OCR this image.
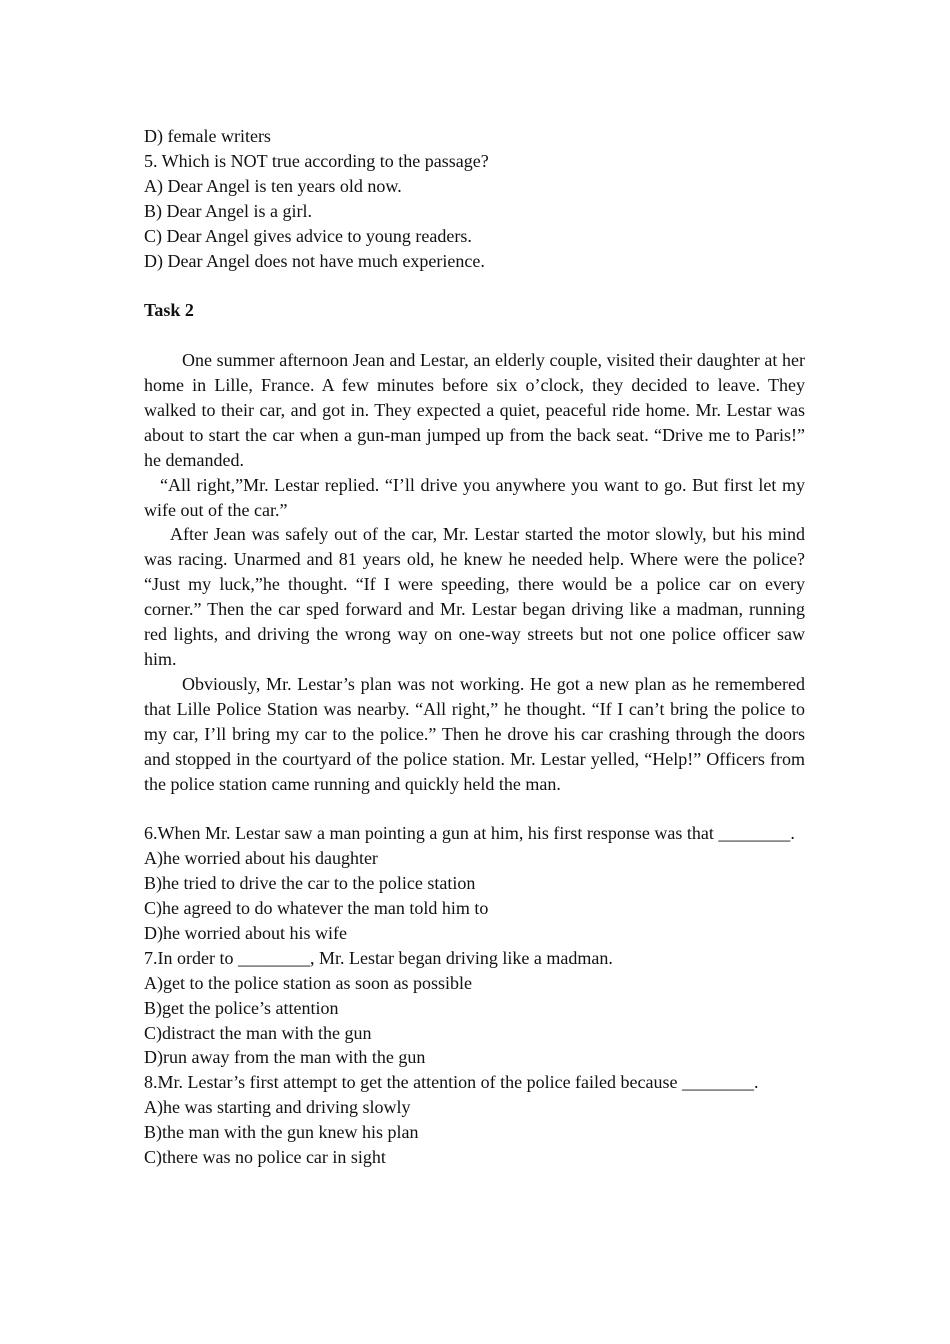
D) female writers
5. Which is NOT true according to the passage?
A) Dear Angel is ten years old now.
B) Dear Angel is a girl.
C) Dear Angel gives advice to young readers.
D) Dear Angel does not have much experience.
Task 2
One summer afternoon Jean and Lestar, an elderly couple, visited their daughter at her home in Lille, France. A few minutes before six o’clock, they decided to leave. They walked to their car, and got in. They expected a quiet, peaceful ride home. Mr. Lestar was about to start the car when a gun-man jumped up from the back seat. “Drive me to Paris!” he demanded.
“All right,”Mr. Lestar replied. “I’ll drive you anywhere you want to go. But first let my wife out of the car.”
After Jean was safely out of the car, Mr. Lestar started the motor slowly, but his mind was racing. Unarmed and 81 years old, he knew he needed help. Where were the police? “Just my luck,”he thought. “If I were speeding, there would be a police car on every corner.” Then the car sped forward and Mr. Lestar began driving like a madman, running red lights, and driving the wrong way on one-way streets but not one police officer saw him.
Obviously, Mr. Lestar’s plan was not working. He got a new plan as he remembered that Lille Police Station was nearby. “All right,” he thought. “If I can’t bring the police to my car, I’ll bring my car to the police.” Then he drove his car crashing through the doors and stopped in the courtyard of the police station. Mr. Lestar yelled, “Help!” Officers from the police station came running and quickly held the man.
6.When Mr. Lestar saw a man pointing a gun at him, his first response was that ________.
A)he worried about his daughter
B)he tried to drive the car to the police station
C)he agreed to do whatever the man told him to
D)he worried about his wife
7.In order to ________, Mr. Lestar began driving like a madman.
A)get to the police station as soon as possible
B)get the police’s attention
C)distract the man with the gun
D)run away from the man with the gun
8.Mr. Lestar’s first attempt to get the attention of the police failed because ________.
A)he was starting and driving slowly
B)the man with the gun knew his plan
C)there was no police car in sight
